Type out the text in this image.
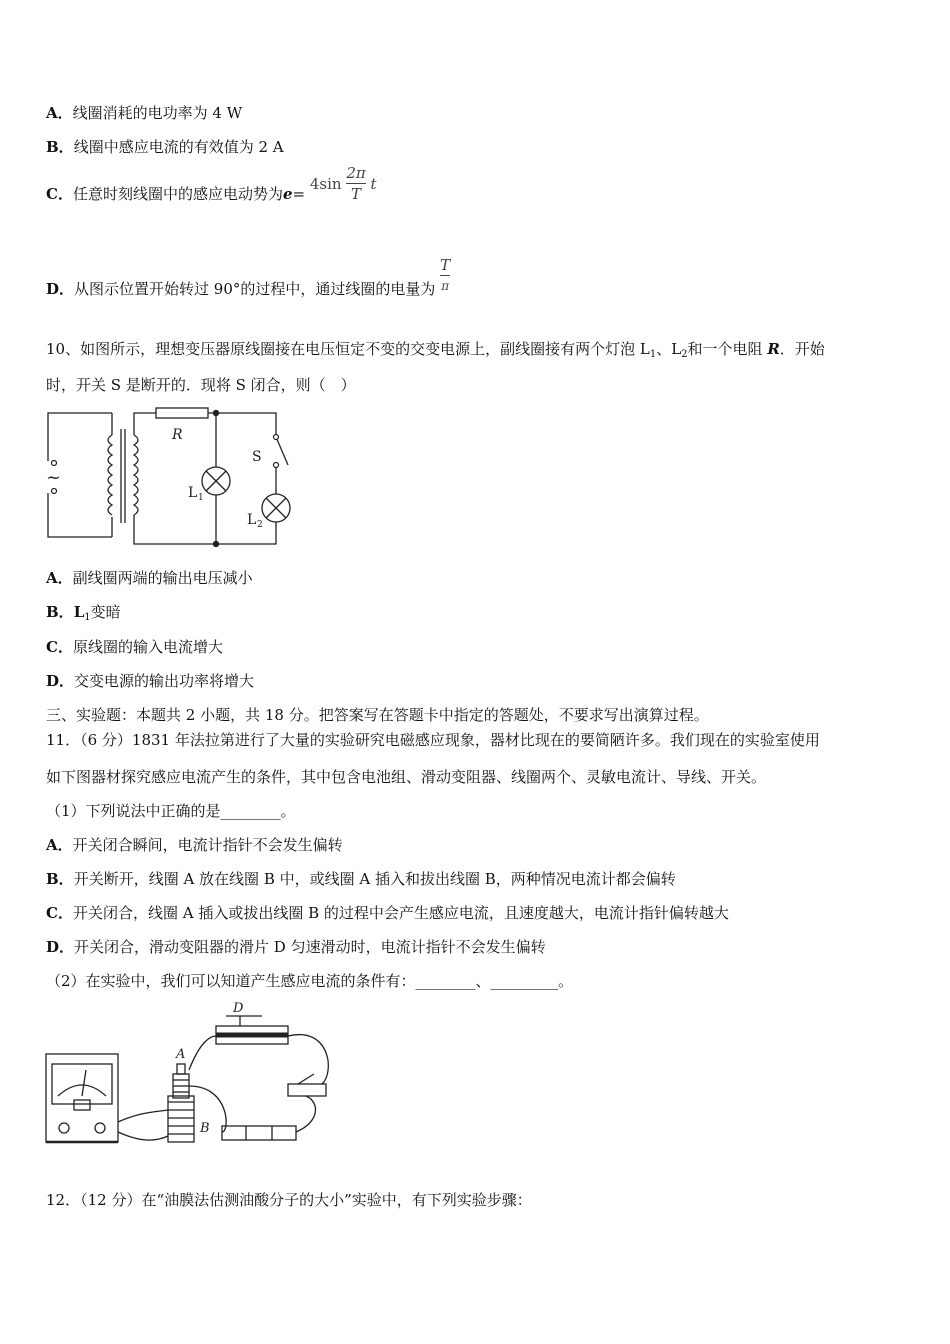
A．线圈消耗的电功率为 4 W
B．线圈中感应电流的有效值为 2 A
C．任意时刻线圈中的感应电动势为$e= 4\sin \frac{2\pi}{T}$ t
D．从图示位置开始转过 90°的过程中，通过线圈的电量为 $\frac{T}{\pi}$
10、如图所示，理想变压器原线圈接在电压恒定不变的交变电源上，副线圈接有两个灯泡 $L_1$、$L_2$和一个电阻 R．开始
时，开关 S 是断开的．现将 S 闭合，则（　）
~
R
S
L 1
L 2
A．副线圈两端的输出电压减小
B．$L_1$变暗
C．原线圈的输入电流增大
D．交变电源的输出功率将增大
三、实验题：本题共 2 小题，共 18 分。把答案写在答题卡中指定的答题处，不要求写出演算过程。
11．（6 分）1831 年法拉第进行了大量的实验研究电磁感应现象，器材比现在的要简陋许多。我们现在的实验室使用
如下图器材探究感应电流产生的条件，其中包含电池组、滑动变阻器、线圈两个、灵敏电流计、导线、开关。
（1）下列说法中正确的是________。
A．开关闭合瞬间，电流计指针不会发生偏转
B．开关断开，线圈 A 放在线圈 B 中，或线圈 A 插入和拔出线圈 B，两种情况电流计都会偏转
C．开关闭合，线圈 A 插入或拔出线圈 B 的过程中会产生感应电流，且速度越大，电流计指针偏转越大
D．开关闭合，滑动变阻器的滑片 D 匀速滑动时，电流计指针不会发生偏转
（2）在实验中，我们可以知道产生感应电流的条件有：________、_________。
D
A
B
12．（12 分）在“油膜法估测油酸分子的大小”实验中，有下列实验步骤：
